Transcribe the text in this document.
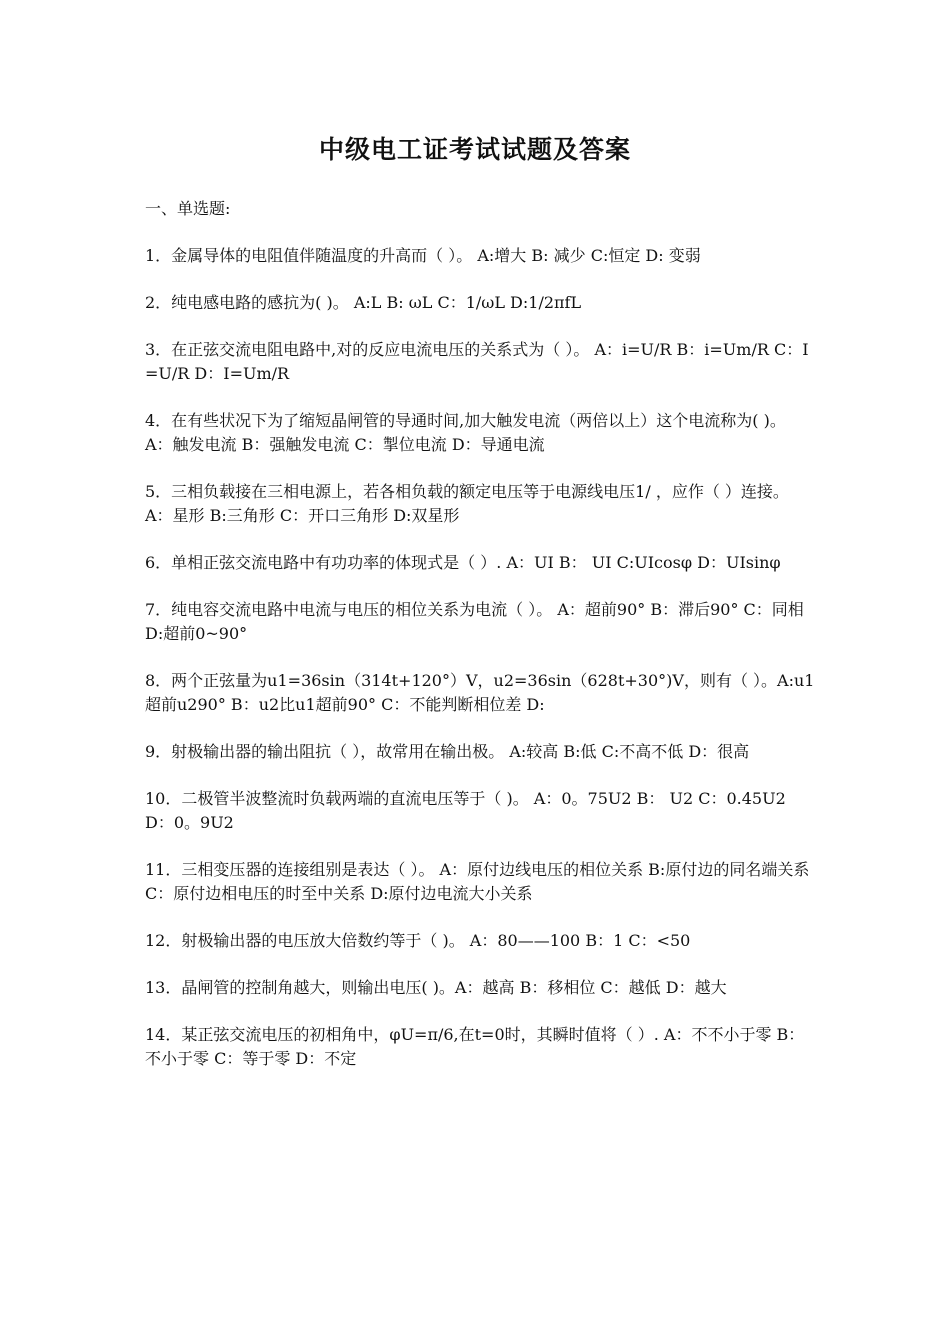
中级电工证考试试题及答案
一、单选题:

1．金属导体的电阻值伴随温度的升高而（ ）。 A:增大 B: 减少 C:恒定 D: 变弱

2．纯电感电路的感抗为( )。 A:L B: ωL C：1/ωL D:1/2πfL

3．在正弦交流电阻电路中,对的反应电流电压的关系式为（ ）。 A：i=U/R B：i=Um/R C：I=U/R D：I=Um/R

4．在有些状况下为了缩短晶闸管的导通时间,加大触发电流（两倍以上）这个电流称为( )。 A：触发电流 B：强触发电流 C：掣位电流 D：导通电流

5．三相负载接在三相电源上，若各相负载的额定电压等于电源线电压1/ ，应作（ ）连接。 A：星形 B:三角形 C：开口三角形 D:双星形

6．单相正弦交流电路中有功功率的体现式是（ ）. A：UI B： UI C:UIcosφ D：UIsinφ

7．纯电容交流电路中电流与电压的相位关系为电流（ ）。 A：超前90° B：滞后90° C：同相 D:超前0~90°

8．两个正弦量为u1=36sin（314t+120°）V，u2=36sin（628t+30°)V，则有（ ）。A:u1超前u290° B：u2比u1超前90° C：不能判断相位差 D:

9．射极输出器的输出阻抗（ ），故常用在输出极。 A:较高 B:低 C:不高不低 D：很高

10．二极管半波整流时负载两端的直流电压等于（ )。 A：0。75U2 B： U2 C：0.45U2 D：0。9U2

11．三相变压器的连接组别是表达（ ）。 A：原付边线电压的相位关系 B:原付边的同名端关系 C：原付边相电压的时至中关系 D:原付边电流大小关系

12．射极输出器的电压放大倍数约等于（ )。 A：80——100 B：1 C：<50

13．晶闸管的控制角越大，则输出电压( )。A：越高 B：移相位 C：越低 D：越大

14．某正弦交流电压的初相角中，φU=π/6,在t=0时，其瞬时值将（ ）. A：不不小于零 B：不小于零 C：等于零 D：不定
